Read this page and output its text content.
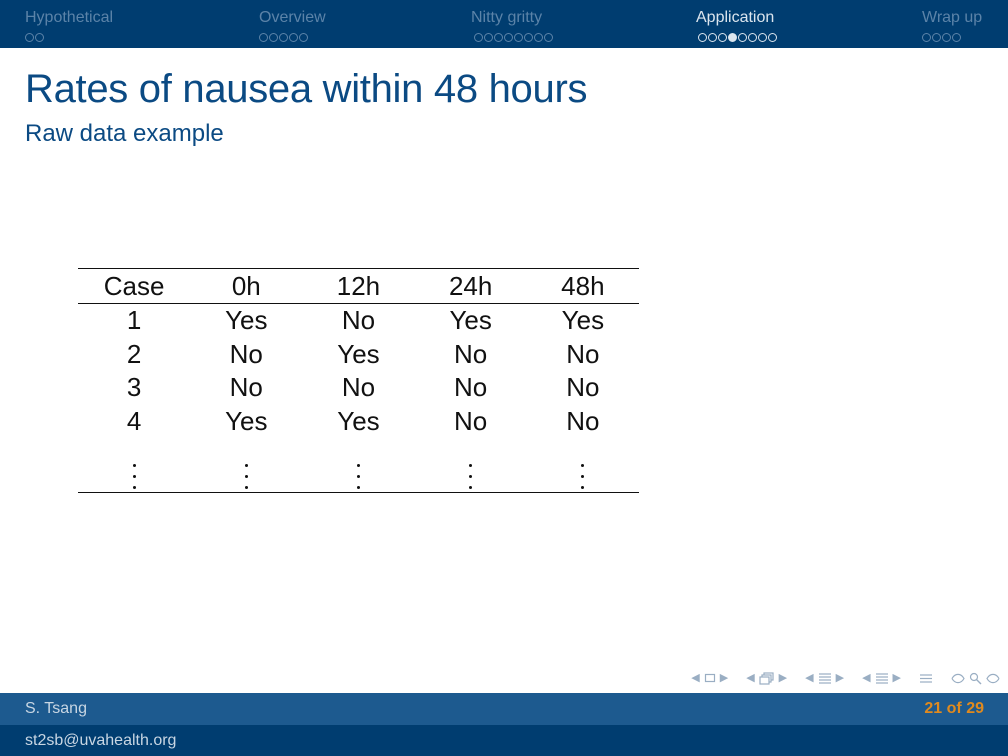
Hypothetical	Overview	Nitty gritty	Application	Wrap up
Rates of nausea within 48 hours
Raw data example
Case	0h	12h	24h	48h
1	Yes	No	Yes	Yes
2	No	Yes	No	No
3	No	No	No	No
4	Yes	Yes	No	No

◀ ▶ ◀ ▶ ◀ ▶ ◀ ▶
S. Tsang	21 of 29
st2sb@uvahealth.org
